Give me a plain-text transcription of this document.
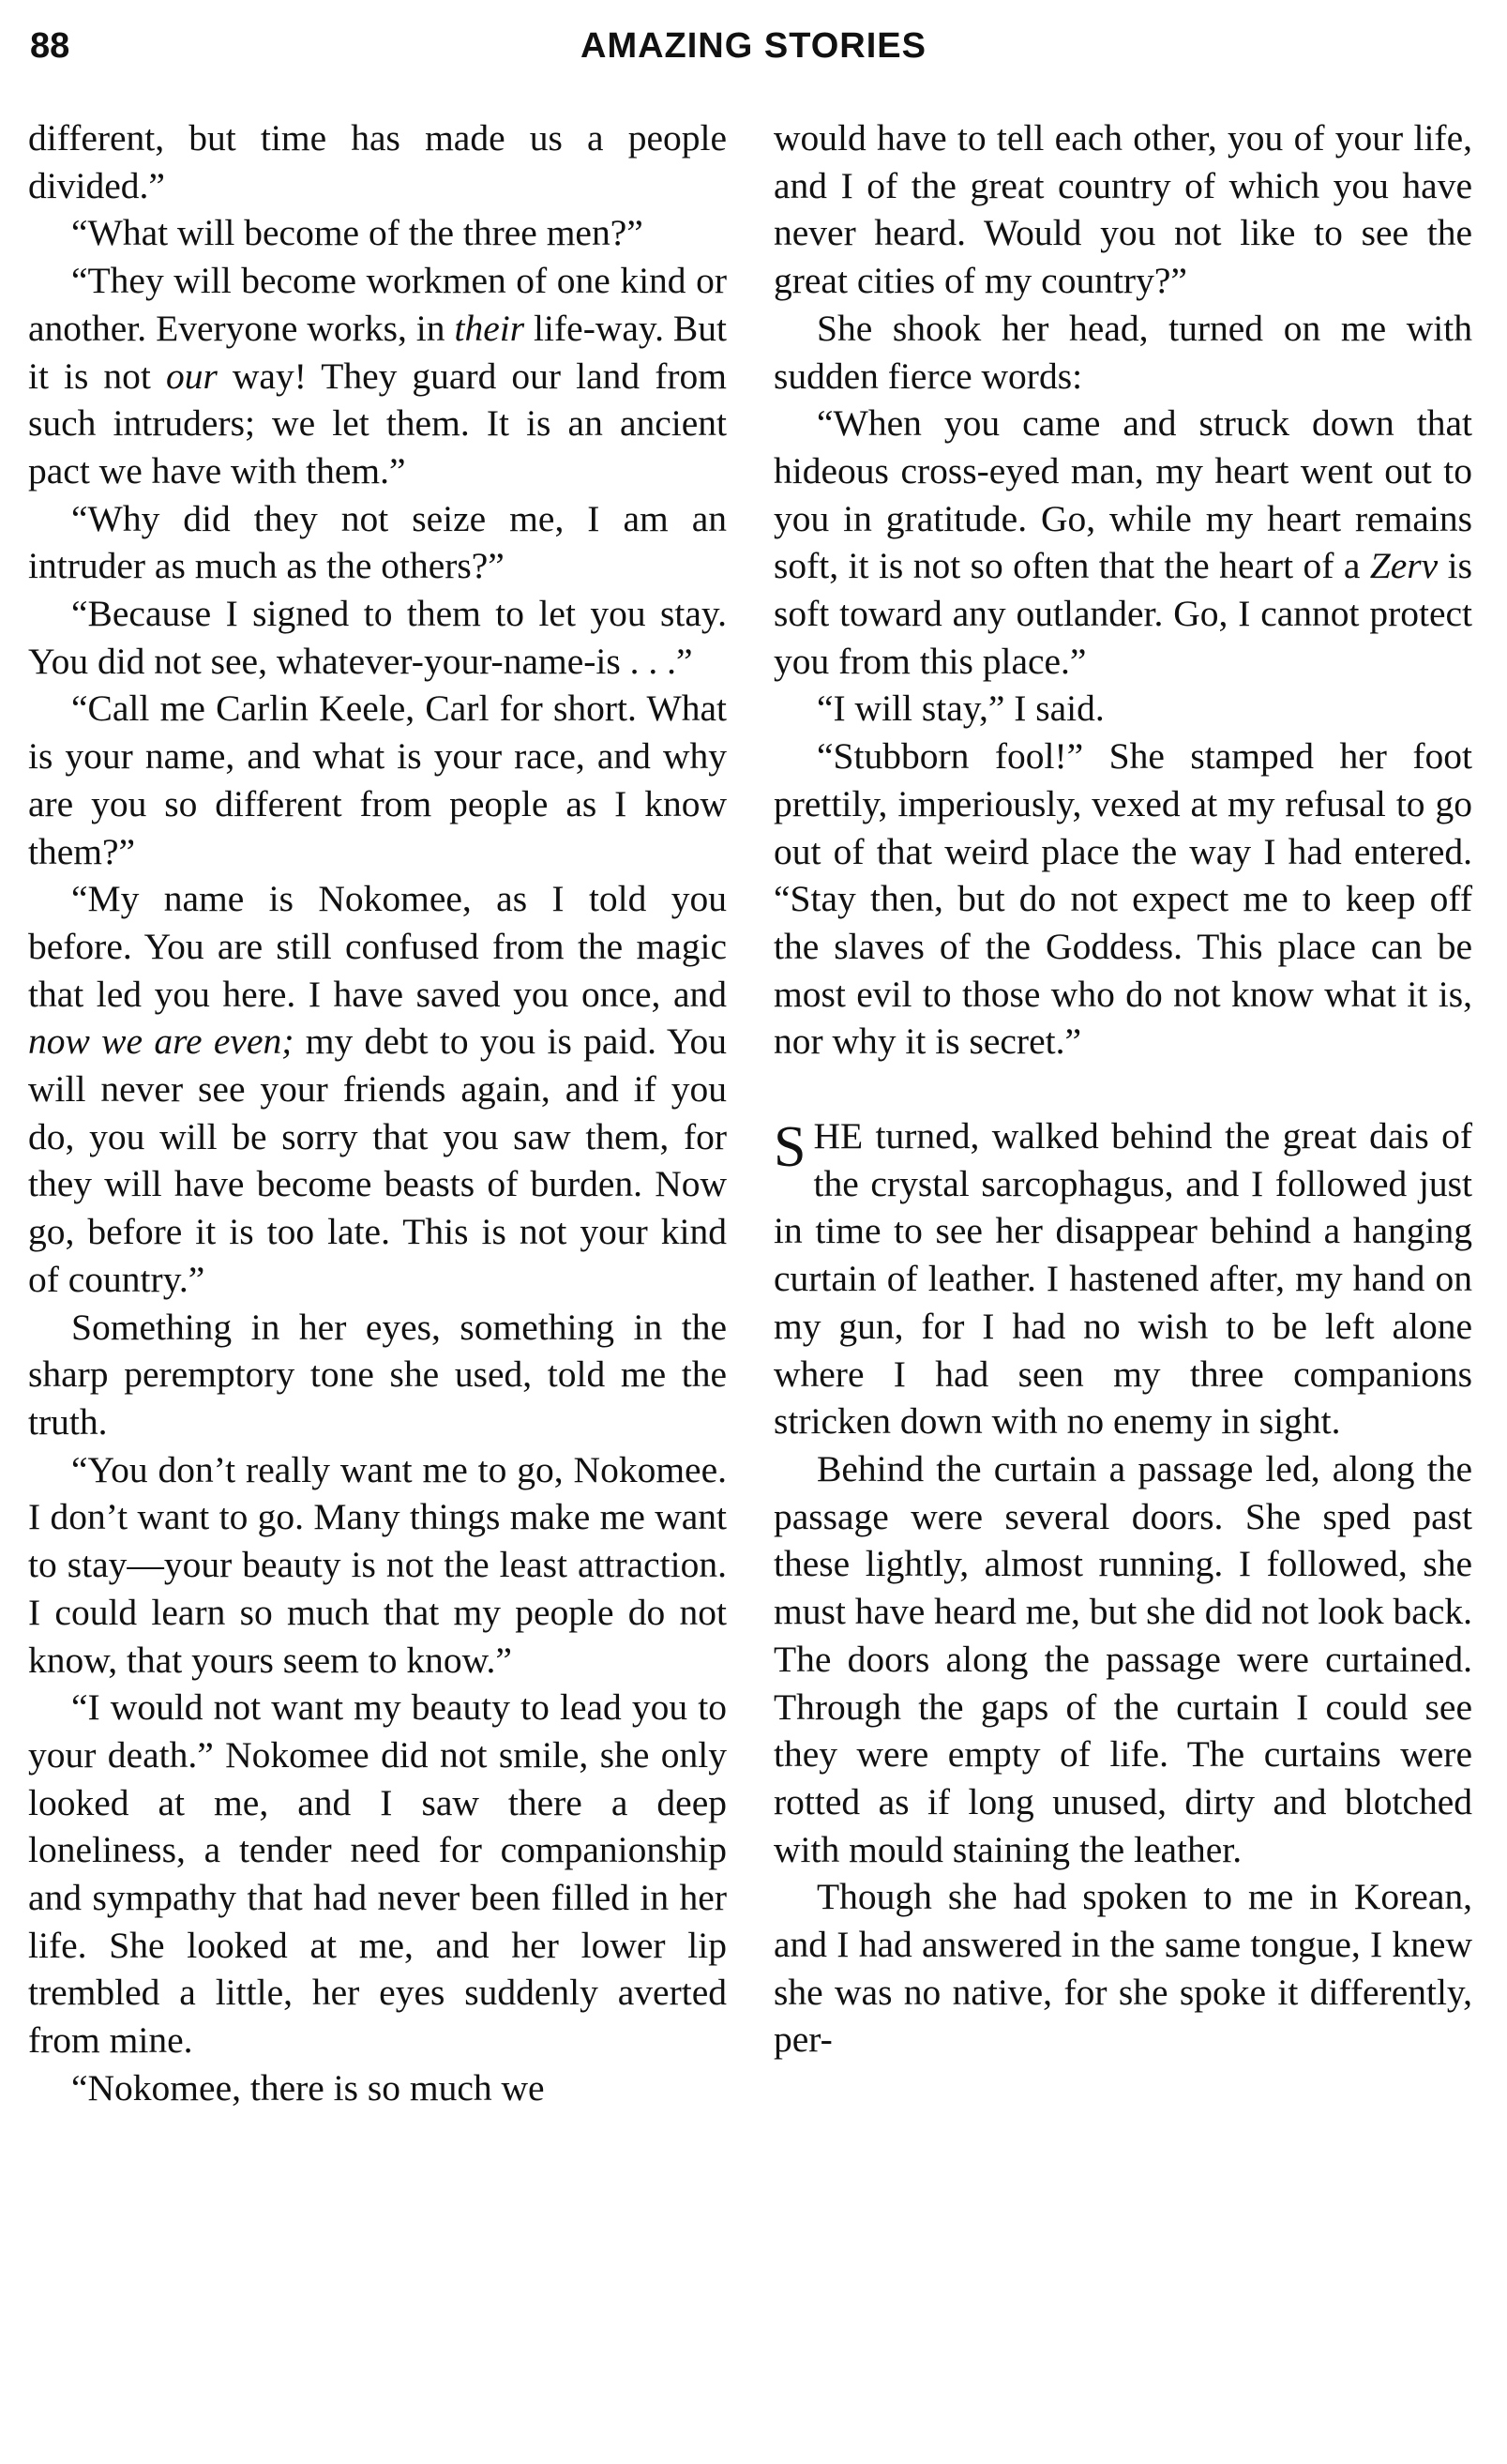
88	AMAZING STORIES

different, but time has made us a people divided.”

“What will become of the three men?”

“They will become workmen of one kind or another. Everyone works, in their life-way. But it is not our way! They guard our land from such intruders; we let them. It is an ancient pact we have with them.”

“Why did they not seize me, I am an intruder as much as the others?”

“Because I signed to them to let you stay. You did not see, whatever-your-name-is . . .”

“Call me Carlin Keele, Carl for short. What is your name, and what is your race, and why are you so different from people as I know them?”

“My name is Nokomee, as I told you before. You are still confused from the magic that led you here. I have saved you once, and now we are even; my debt to you is paid. You will never see your friends again, and if you do, you will be sorry that you saw them, for they will have become beasts of burden. Now go, before it is too late. This is not your kind of country.”

Something in her eyes, something in the sharp peremptory tone she used, told me the truth.

“You don’t really want me to go, Nokomee. I don’t want to go. Many things make me want to stay—your beauty is not the least attraction. I could learn so much that my people do not know, that yours seem to know.”

“I would not want my beauty to lead you to your death.” Nokomee did not smile, she only looked at me, and I saw there a deep loneliness, a tender need for companionship and sympathy that had never been filled in her life. She looked at me, and her lower lip trembled a little, her eyes suddenly averted from mine.

“Nokomee, there is so much we

would have to tell each other, you of your life, and I of the great country of which you have never heard. Would you not like to see the great cities of my country?”

She shook her head, turned on me with sudden fierce words:

“When you came and struck down that hideous cross-eyed man, my heart went out to you in gratitude. Go, while my heart remains soft, it is not so often that the heart of a Zerv is soft toward any outlander. Go, I cannot protect you from this place.”

“I will stay,” I said.

“Stubborn fool!” She stamped her foot prettily, imperiously, vexed at my refusal to go out of that weird place the way I had entered. “Stay then, but do not expect me to keep off the slaves of the Goddess. This place can be most evil to those who do not know what it is, nor why it is secret.”

SHE turned, walked behind the great dais of the crystal sarcophagus, and I followed just in time to see her disappear behind a hanging curtain of leather. I hastened after, my hand on my gun, for I had no wish to be left alone where I had seen my three companions stricken down with no enemy in sight.

Behind the curtain a passage led, along the passage were several doors. She sped past these lightly, almost running. I followed, she must have heard me, but she did not look back. The doors along the passage were curtained. Through the gaps of the curtain I could see they were empty of life. The curtains were rotted as if long unused, dirty and blotched with mould staining the leather.

Though she had spoken to me in Korean, and I had answered in the same tongue, I knew she was no native, for she spoke it differently, per-
